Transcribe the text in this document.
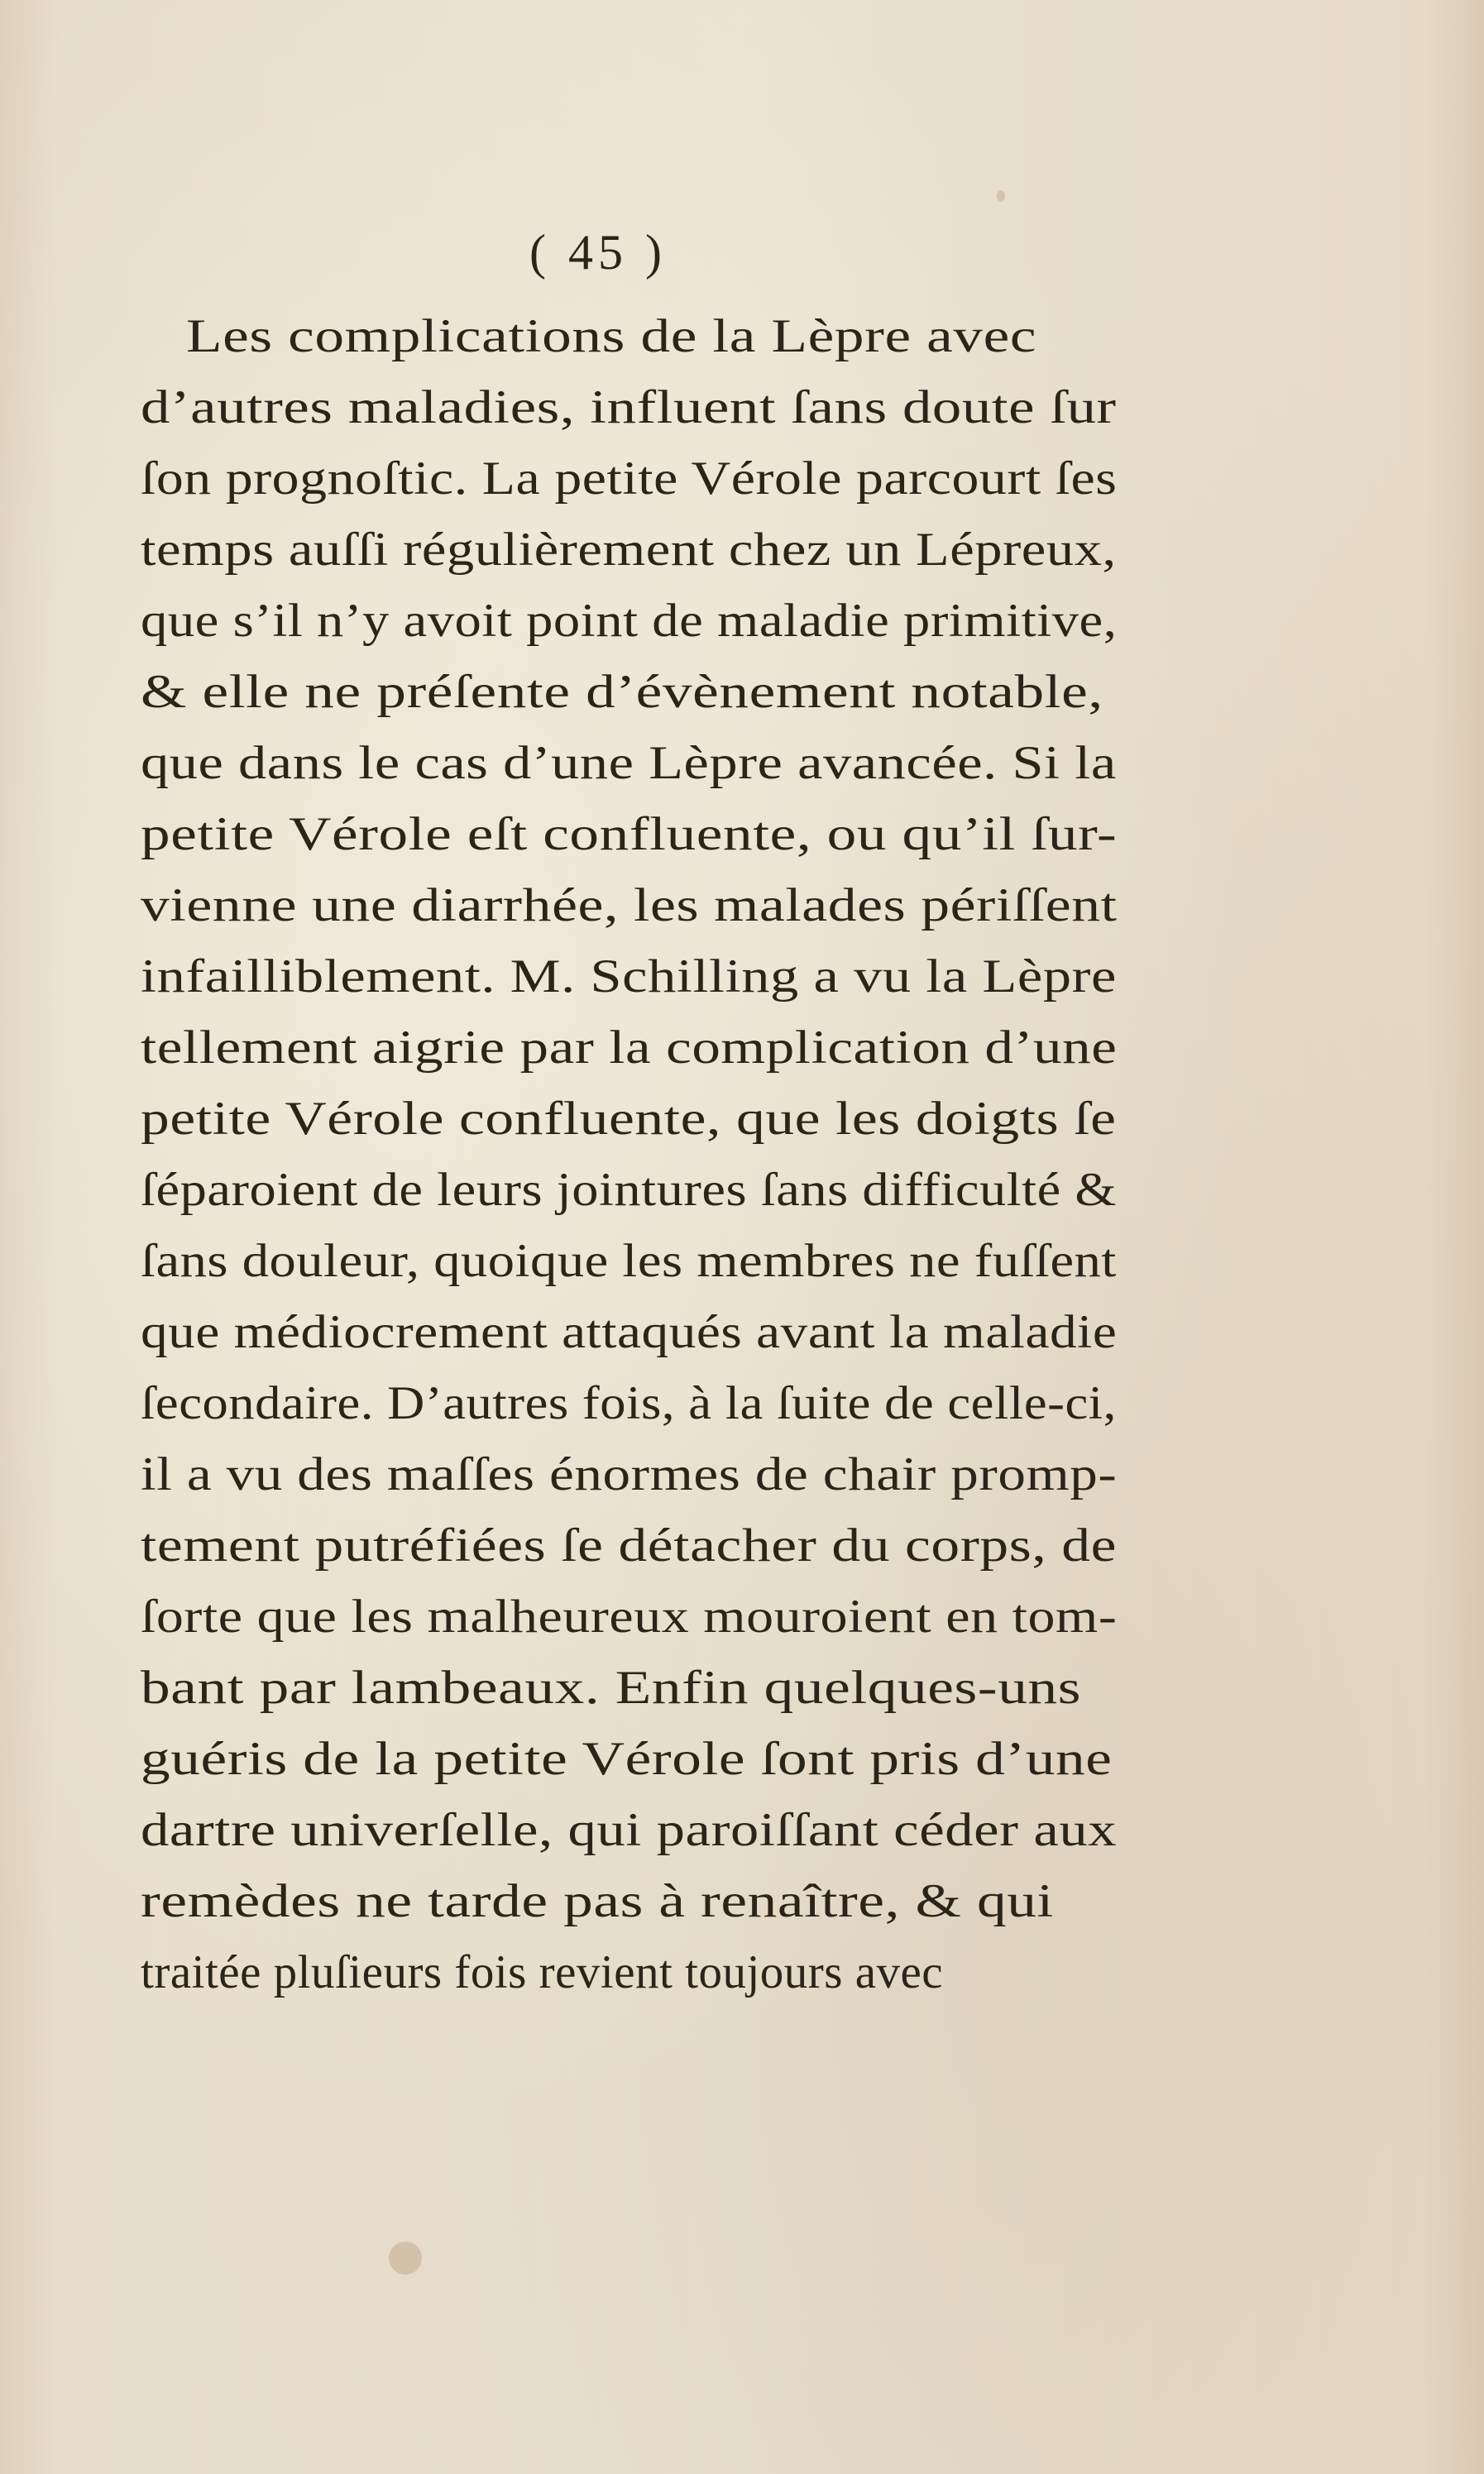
( 45 )
Les complications de la Lèpre avec
d’autres maladies, influent ſans doute ſur
ſon prognoſtic. La petite Vérole parcourt ſes
temps auſſi régulièrement chez un Lépreux,
que s’il n’y avoit point de maladie primitive,
& elle ne préſente d’évènement notable,
que dans le cas d’une Lèpre avancée. Si la
petite Vérole eſt confluente, ou qu’il ſur-
vienne une diarrhée, les malades périſſent
infailliblement. M. Schilling a vu la Lèpre
tellement aigrie par la complication d’une
petite Vérole confluente, que les doigts ſe
ſéparoient de leurs jointures ſans difficulté &
ſans douleur, quoique les membres ne fuſſent
que médiocrement attaqués avant la maladie
ſecondaire. D’autres fois, à la ſuite de celle-ci,
il a vu des maſſes énormes de chair promp-
tement putréfiées ſe détacher du corps, de
ſorte que les malheureux mouroient en tom-
bant par lambeaux. Enfin quelques-uns
guéris de la petite Vérole ſont pris d’une
dartre univerſelle, qui paroiſſant céder aux
remèdes ne tarde pas à renaître, & qui
traitée pluſieurs fois revient toujours avec
